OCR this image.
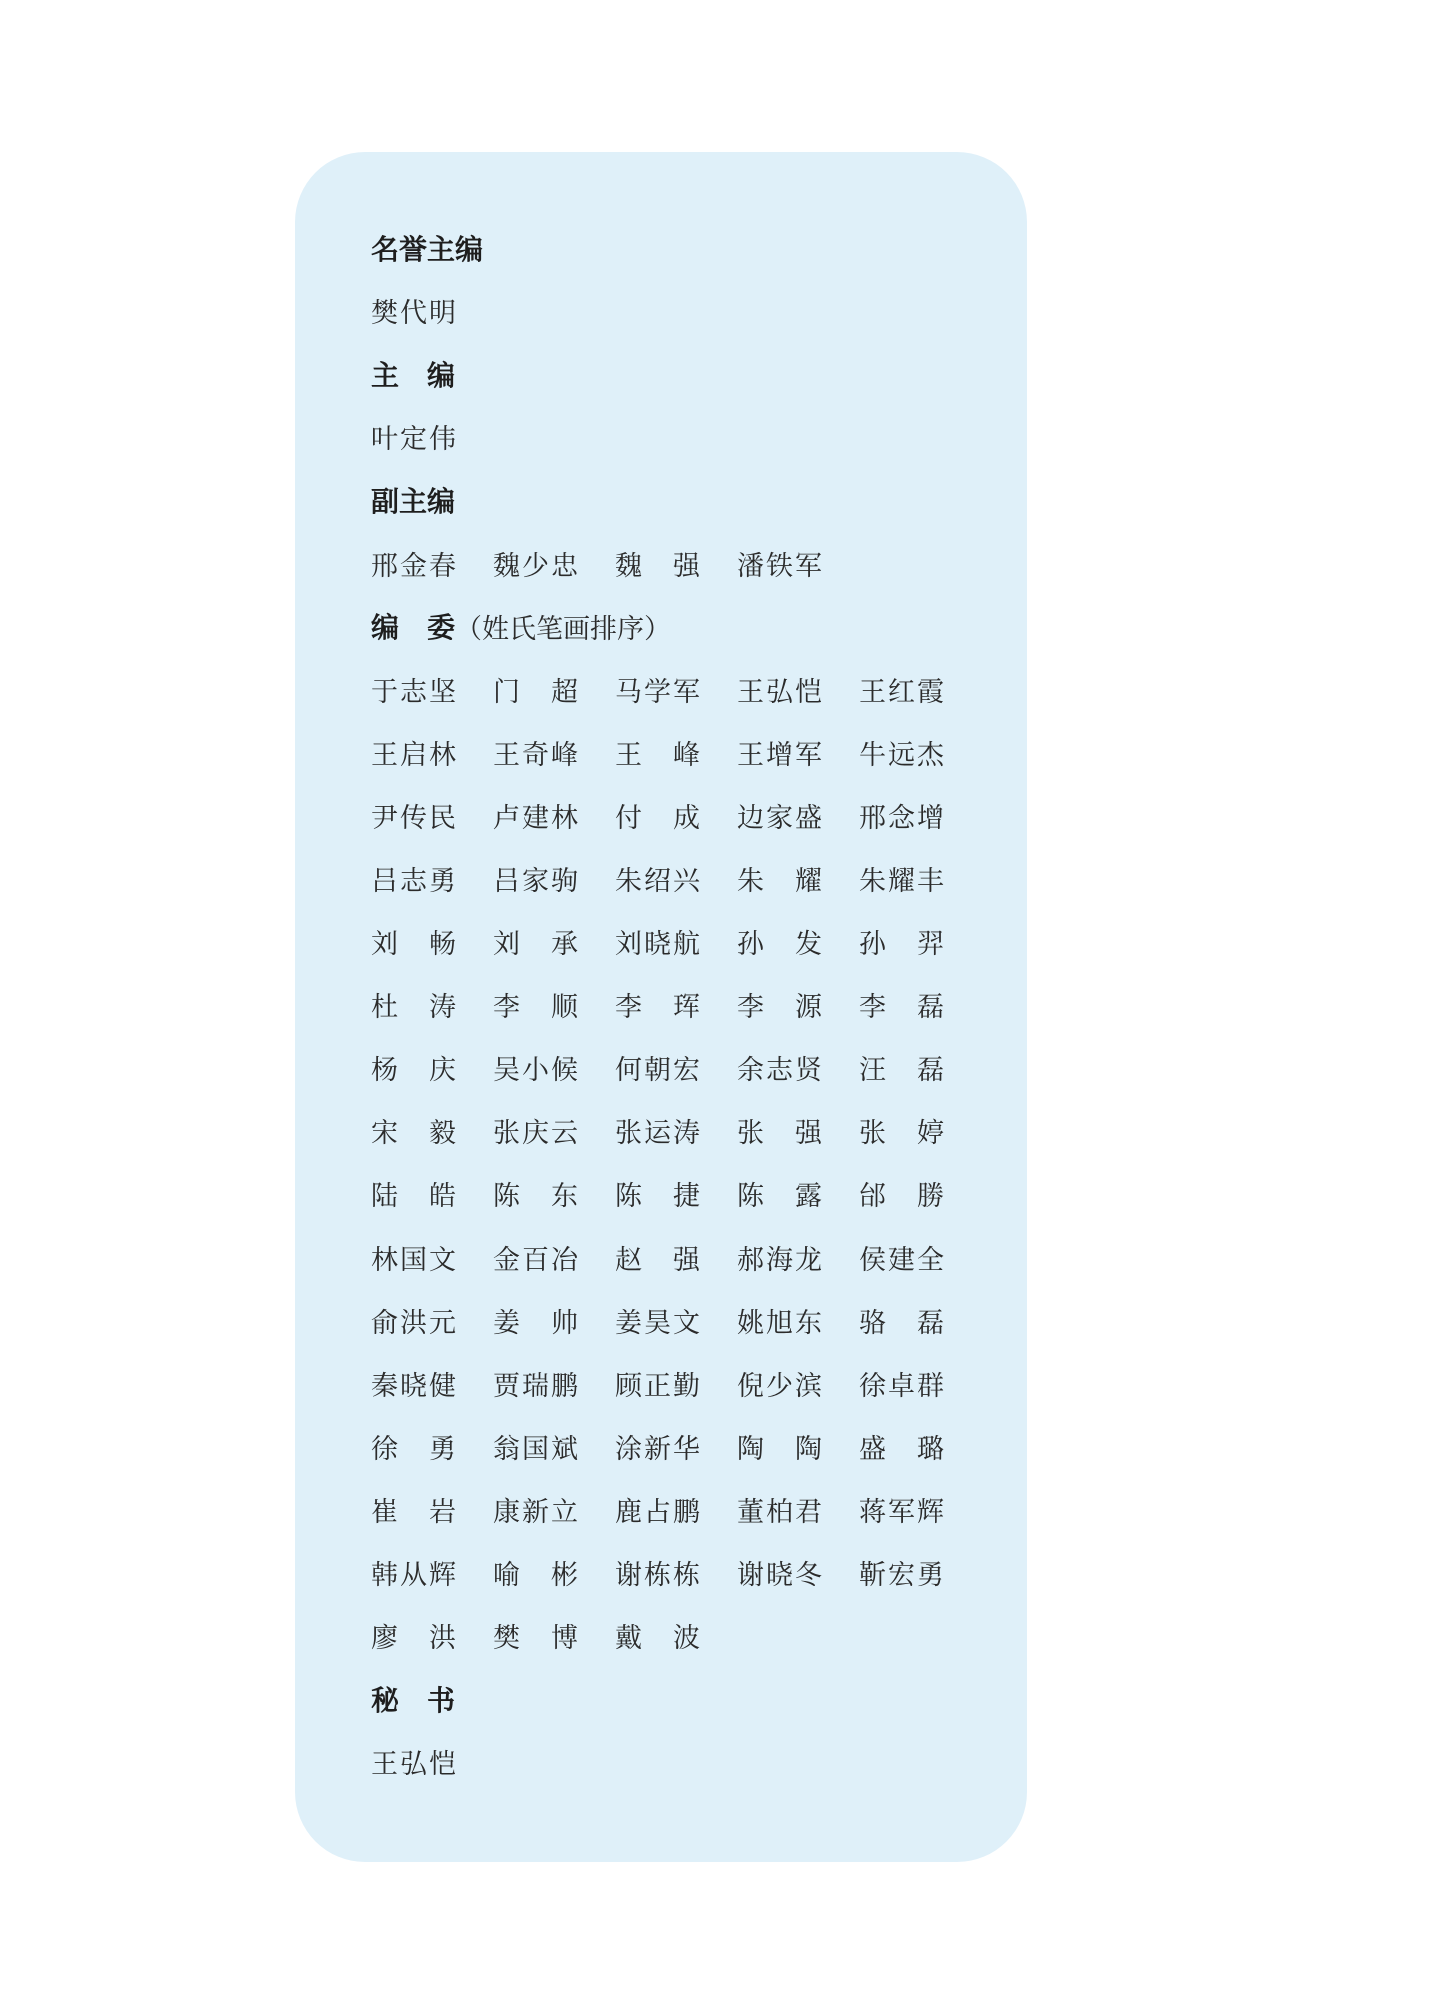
名誉主编
樊代明
主　编
叶定伟
副主编
邢金春	魏少忠	魏　强	潘铁军
编　委 （姓氏笔画排序）
于志坚	门　超	马学军	王弘恺	王红霞
王启林	王奇峰	王　峰	王增军	牛远杰
尹传民	卢建林	付　成	边家盛	邢念增
吕志勇	吕家驹	朱绍兴	朱　耀	朱耀丰
刘　畅	刘　承	刘晓航	孙　发	孙　羿
杜　涛	李　顺	李　珲	李　源	李　磊
杨　庆	吴小候	何朝宏	余志贤	汪　磊
宋　毅	张庆云	张运涛	张　强	张　婷
陆　皓	陈　东	陈　捷	陈　露	邰　勝
林国文	金百冶	赵　强	郝海龙	侯建全
俞洪元	姜　帅	姜昊文	姚旭东	骆　磊
秦晓健	贾瑞鹏	顾正勤	倪少滨	徐卓群
徐　勇	翁国斌	涂新华	陶　陶	盛　璐
崔　岩	康新立	鹿占鹏	董柏君	蒋军辉
韩从辉	喻　彬	谢栋栋	谢晓冬	靳宏勇
廖　洪	樊　博	戴　波
秘　书
王弘恺
